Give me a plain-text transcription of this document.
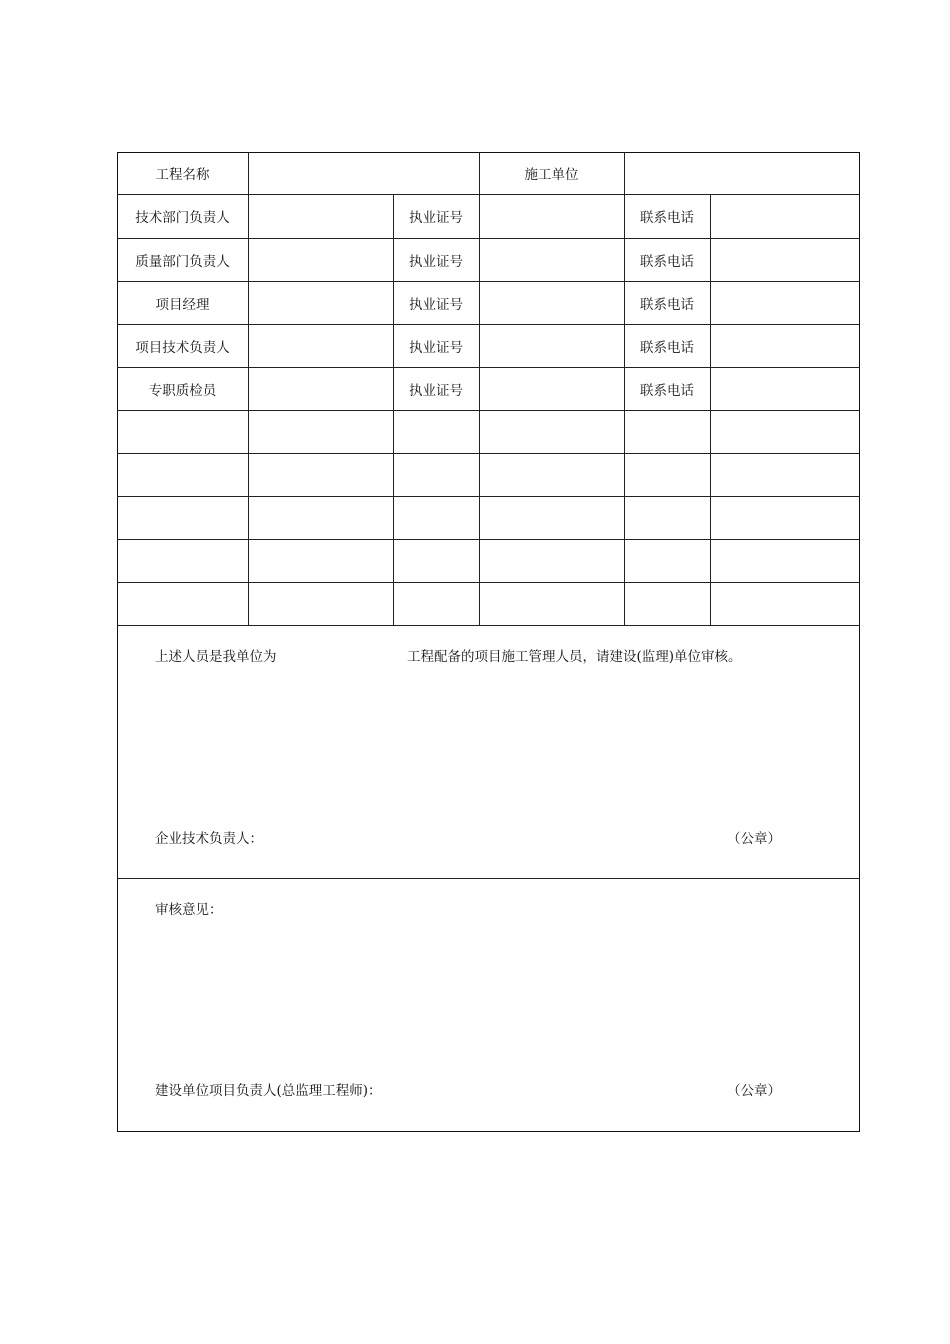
工程名称	施工单位
技术部门负责人	执业证号	联系电话
质量部门负责人	执业证号	联系电话
项目经理	执业证号	联系电话
项目技术负责人	执业证号	联系电话
专职质检员	执业证号	联系电话
上述人员是我单位为	工程配备的项目施工管理人员，请建设(监理)单位审核。
企业技术负责人：	（公章）
审核意见：
建设单位项目负责人(总监理工程师)：	（公章）
